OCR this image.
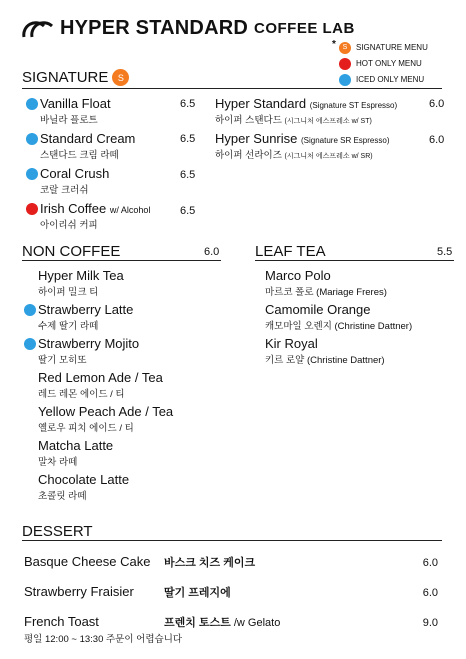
HYPER STANDARD COFFEE LAB
* S	SIGNATURE MENU
HOT ONLY MENU
ICED ONLY MENU
SIGNATURE	S
Vanilla Float
바닐라 플로트
6.5
Standard Cream
스탠다드 크림 라떼
6.5
Coral Crush
코랄 크러쉬
6.5
Irish Coffee w/ Alcohol
아이리쉬 커피
6.5
Hyper Standard (Signature ST Espresso)
하이퍼 스탠다드 (시그니처 에스프레소 w/ ST)
6.0
Hyper Sunrise (Signature SR Espresso)
하이퍼 선라이즈 (시그니처 에스프레소 w/ SR)
6.0
NON COFFEE	6.0
Hyper Milk Tea
하이퍼 밀크 티
Strawberry Latte
수제 딸기 라떼
Strawberry Mojito
딸기 모히또
Red Lemon Ade / Tea
레드 레몬 에이드 / 티
Yellow Peach Ade / Tea
옐로우 피치 에이드 / 티
Matcha Latte
말차 라떼
Chocolate Latte
초콜릿 라떼
LEAF TEA	5.5
Marco Polo
마르코 폴로 (Mariage Freres)
Camomile Orange
캐모마일 오렌지 (Christine Dattner)
Kir Royal
키르 로얄 (Christine Dattner)
DESSERT
Basque Cheese Cake	바스크 치즈 케이크	6.0
Strawberry Fraisier	딸기 프레지에	6.0
French Toast	프렌치 토스트 /w Gelato	9.0
평일 12:00 ~ 13:30 주문이 어렵습니다
